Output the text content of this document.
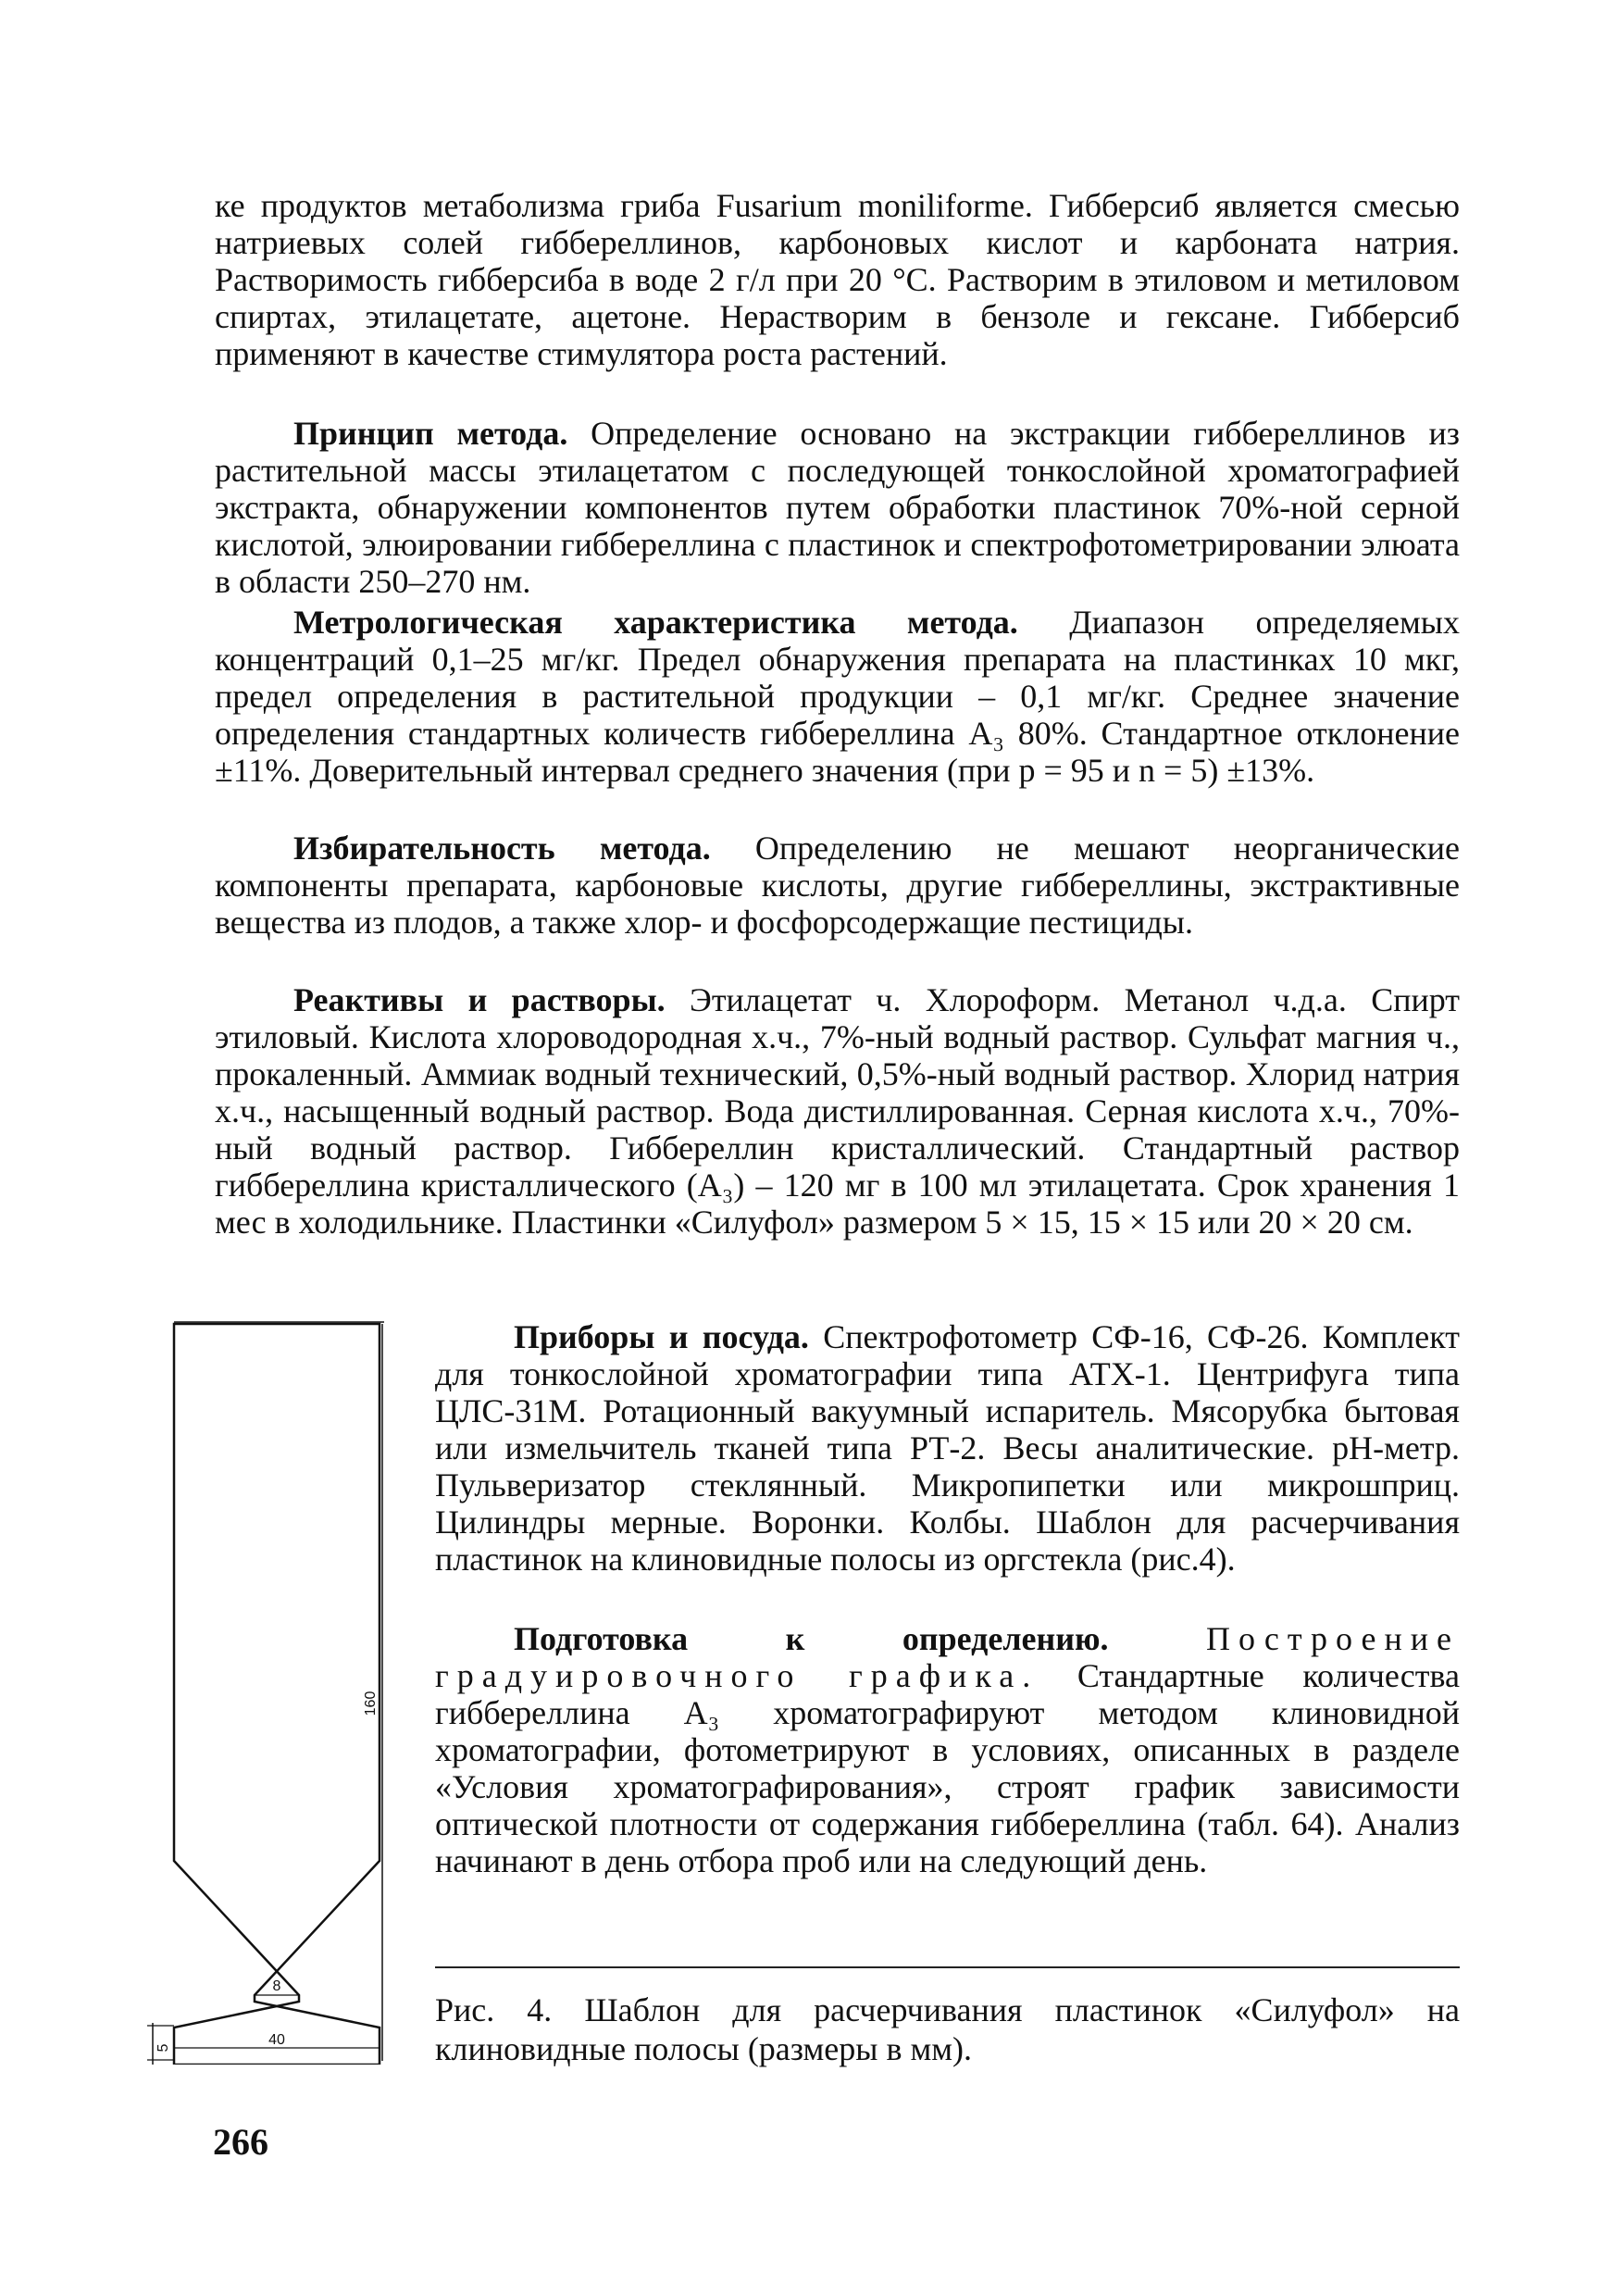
ке продуктов метаболизма гриба Fusarium moniliforme. Гибберсиб является смесью натриевых солей гиббереллинов, карбоновых кислот и карбоната натрия. Растворимость гибберсиба в воде 2 г/л при 20 °С. Растворим в этиловом и метиловом спиртах, этилацетате, ацетоне. Нерастворим в бензоле и гексане. Гибберсиб применяют в качестве стимулятора роста растений.

Принцип метода. Определение основано на экстракции гиббереллинов из растительной массы этилацетатом с последующей тонкослойной хроматографией экстракта, обнаружении компонентов путем обработки пластинок 70%-ной серной кислотой, элюировании гиббереллина с пластинок и спектрофотометрировании элюата в области 250–270 нм.

Метрологическая характеристика метода. Диапазон определяемых концентраций 0,1–25 мг/кг. Предел обнаружения препарата на пластинках 10 мкг, предел определения в растительной продукции – 0,1 мг/кг. Среднее значение определения стандартных количеств гиббереллина А₃ 80%. Стандартное отклонение ±11%. Доверительный интервал среднего значения (при p = 95 и n = 5) ±13%.

Избирательность метода. Определению не мешают неорганические компоненты препарата, карбоновые кислоты, другие гиббереллины, экстрактивные вещества из плодов, а также хлор- и фосфорсодержащие пестициды.

Реактивы и растворы. Этилацетат ч. Хлороформ. Метанол ч.д.а. Спирт этиловый. Кислота хлороводородная х.ч., 7%-ный водный раствор. Сульфат магния ч., прокаленный. Аммиак водный технический, 0,5%-ный водный раствор. Хлорид натрия х.ч., насыщенный водный раствор. Вода дистиллированная. Серная кислота х.ч., 70%-ный водный раствор. Гиббереллин кристаллический. Стандартный раствор гиббереллина кристаллического (А₃) – 120 мг в 100 мл этилацетата. Срок хранения 1 мес в холодильнике. Пластинки «Силуфол» размером 5 × 15, 15 × 15 или 20 × 20 см.

Приборы и посуда. Спектрофотометр СФ-16, СФ-26. Комплект для тонкослойной хроматографии типа АТХ-1. Центрифуга типа ЦЛС-31М. Ротационный вакуумный испаритель. Мясорубка бытовая или измельчитель тканей типа РТ-2. Весы аналитические. pH-метр. Пульверизатор стеклянный. Микропипетки или микрошприц. Цилиндры мерные. Воронки. Колбы. Шаблон для расчерчивания пластинок на клиновидные полосы из оргстекла (рис.4).

Подготовка к определению.	Построение градуировочного графика. Стандартные количества гиббереллина А₃ хроматографируют методом клиновидной хроматографии, фотометрируют в условиях, описанных в разделе «Условия хроматографирования», строят график зависимости оптической плотности от содержания гиббереллина (табл. 64). Анализ начинают в день отбора проб или на следующий день.

160
8
5	40

Рис. 4. Шаблон для расчерчивания пластинок «Силуфол» на клиновидные полосы (размеры в мм).

266
